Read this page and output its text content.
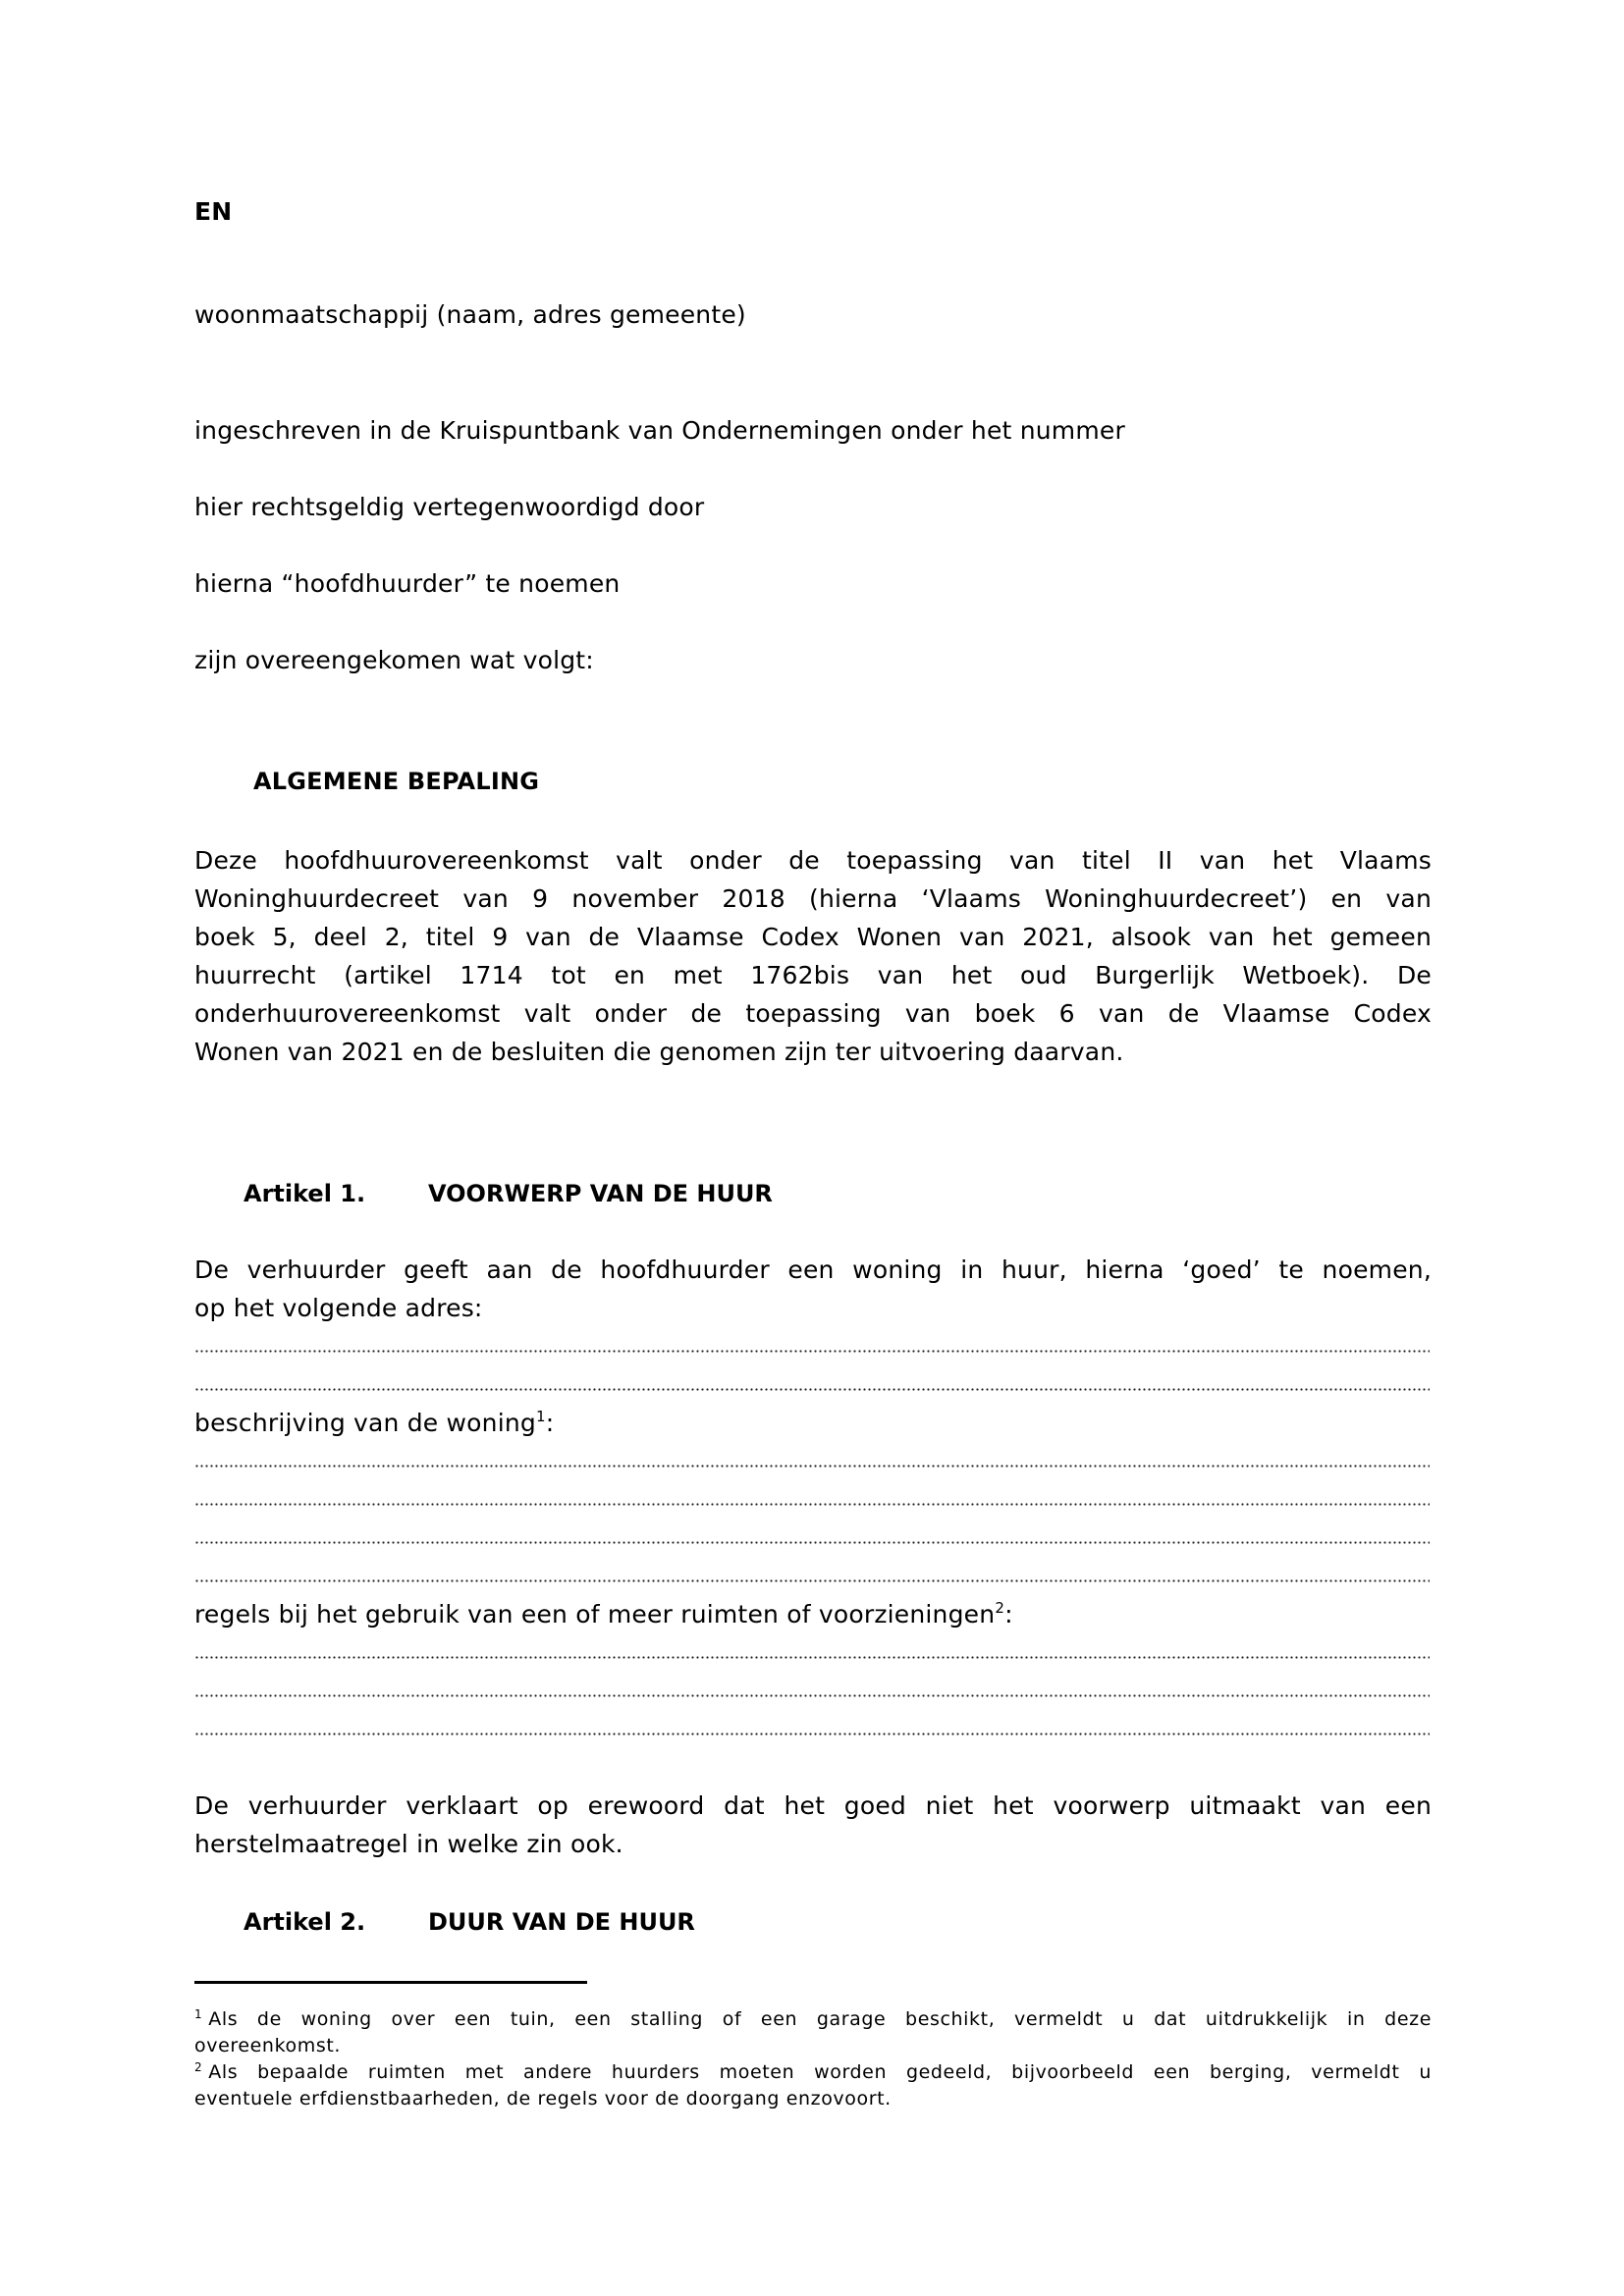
EN
woonmaatschappij (naam, adres gemeente)
ingeschreven in de Kruispuntbank van Ondernemingen onder het nummer
hier rechtsgeldig vertegenwoordigd door
hierna “hoofdhuurder” te noemen
zijn overeengekomen wat volgt:
ALGEMENE BEPALING
Deze hoofdhuurovereenkomst valt onder de toepassing van titel II van het Vlaams
Woninghuurdecreet van 9 november 2018 (hierna ‘Vlaams Woninghuurdecreet’) en van
boek 5, deel 2, titel 9 van de Vlaamse Codex Wonen van 2021, alsook van het gemeen
huurrecht (artikel 1714 tot en met 1762bis van het oud Burgerlijk Wetboek). De
onderhuurovereenkomst valt onder de toepassing van boek 6 van de Vlaamse Codex
Wonen van 2021 en de besluiten die genomen zijn ter uitvoering daarvan.
Artikel 1.	VOORWERP VAN DE HUUR
De verhuurder geeft aan de hoofdhuurder een woning in huur, hierna ‘goed’ te noemen,
op het volgende adres:
beschrijving van de woning$^1$:
regels bij het gebruik van een of meer ruimten of voorzieningen$^2$:
De verhuurder verklaart op erewoord dat het goed niet het voorwerp uitmaakt van een
herstelmaatregel in welke zin ook.
Artikel 2.	DUUR VAN DE HUUR
$^1$ Als de woning over een tuin, een stalling of een garage beschikt, vermeldt u dat uitdrukkelijk in deze
overeenkomst.
$^2$ Als bepaalde ruimten met andere huurders moeten worden gedeeld, bijvoorbeeld een berging, vermeldt u
eventuele erfdienstbaarheden, de regels voor de doorgang enzovoort.
